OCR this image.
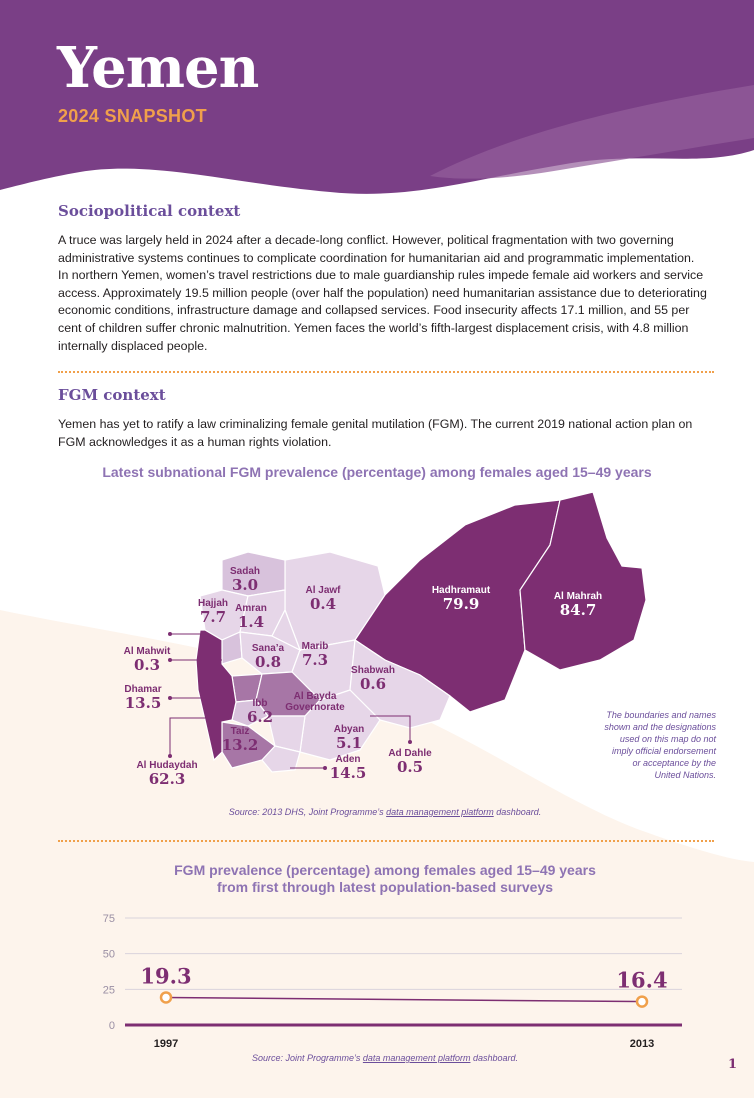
Yemen
2024 SNAPSHOT
Sociopolitical context
A truce was largely held in 2024 after a decade-long conflict. However, political fragmentation with two governing administrative systems continues to complicate coordination for humanitarian aid and programmatic implementation. In northern Yemen, women’s travel restrictions due to male guardianship rules impede female aid workers and service access. Approximately 19.5 million people (over half the population) need humanitarian assistance due to deteriorating economic conditions, infrastructure damage and collapsed services. Food insecurity affects 17.1 million, and 55 per cent of children suffer chronic malnutrition. Yemen faces the world’s fifth-largest displacement crisis, with 4.8 million internally displaced people.
FGM context
Yemen has yet to ratify a law criminalizing female genital mutilation (FGM). The current 2019 national action plan on FGM acknowledges it as a human rights violation.
Latest subnational FGM prevalence (percentage) among females aged 15–49 years
Sadah
3.0
Hajjah
7.7 Amran
1.4
Al Jawf
0.4
Hadhramaut
79.9	Al Mahrah
84.7
Al Mahwit
0.3
Sana’a
0.8
Marib
7.3
Shabwah
0.6
Dhamar
13.5	Al Bayda Governorate
Ibb
6.2
Taiz
13.2
Abyan
5.1
Aden
14.5
Ad Dahle
0.5
Al Hudaydah
62.3
The boundaries and names shown and the designations used on this map do not imply official endorsement or acceptance by the United Nations.
Source: 2013 DHS, Joint Programme’s data management platform dashboard.
FGM prevalence (percentage) among females aged 15–49 years
from first through latest population-based surveys
0
25
50
75
19.3
1997
16.4
2013
Source: Joint Programme’s data management platform dashboard.	1
